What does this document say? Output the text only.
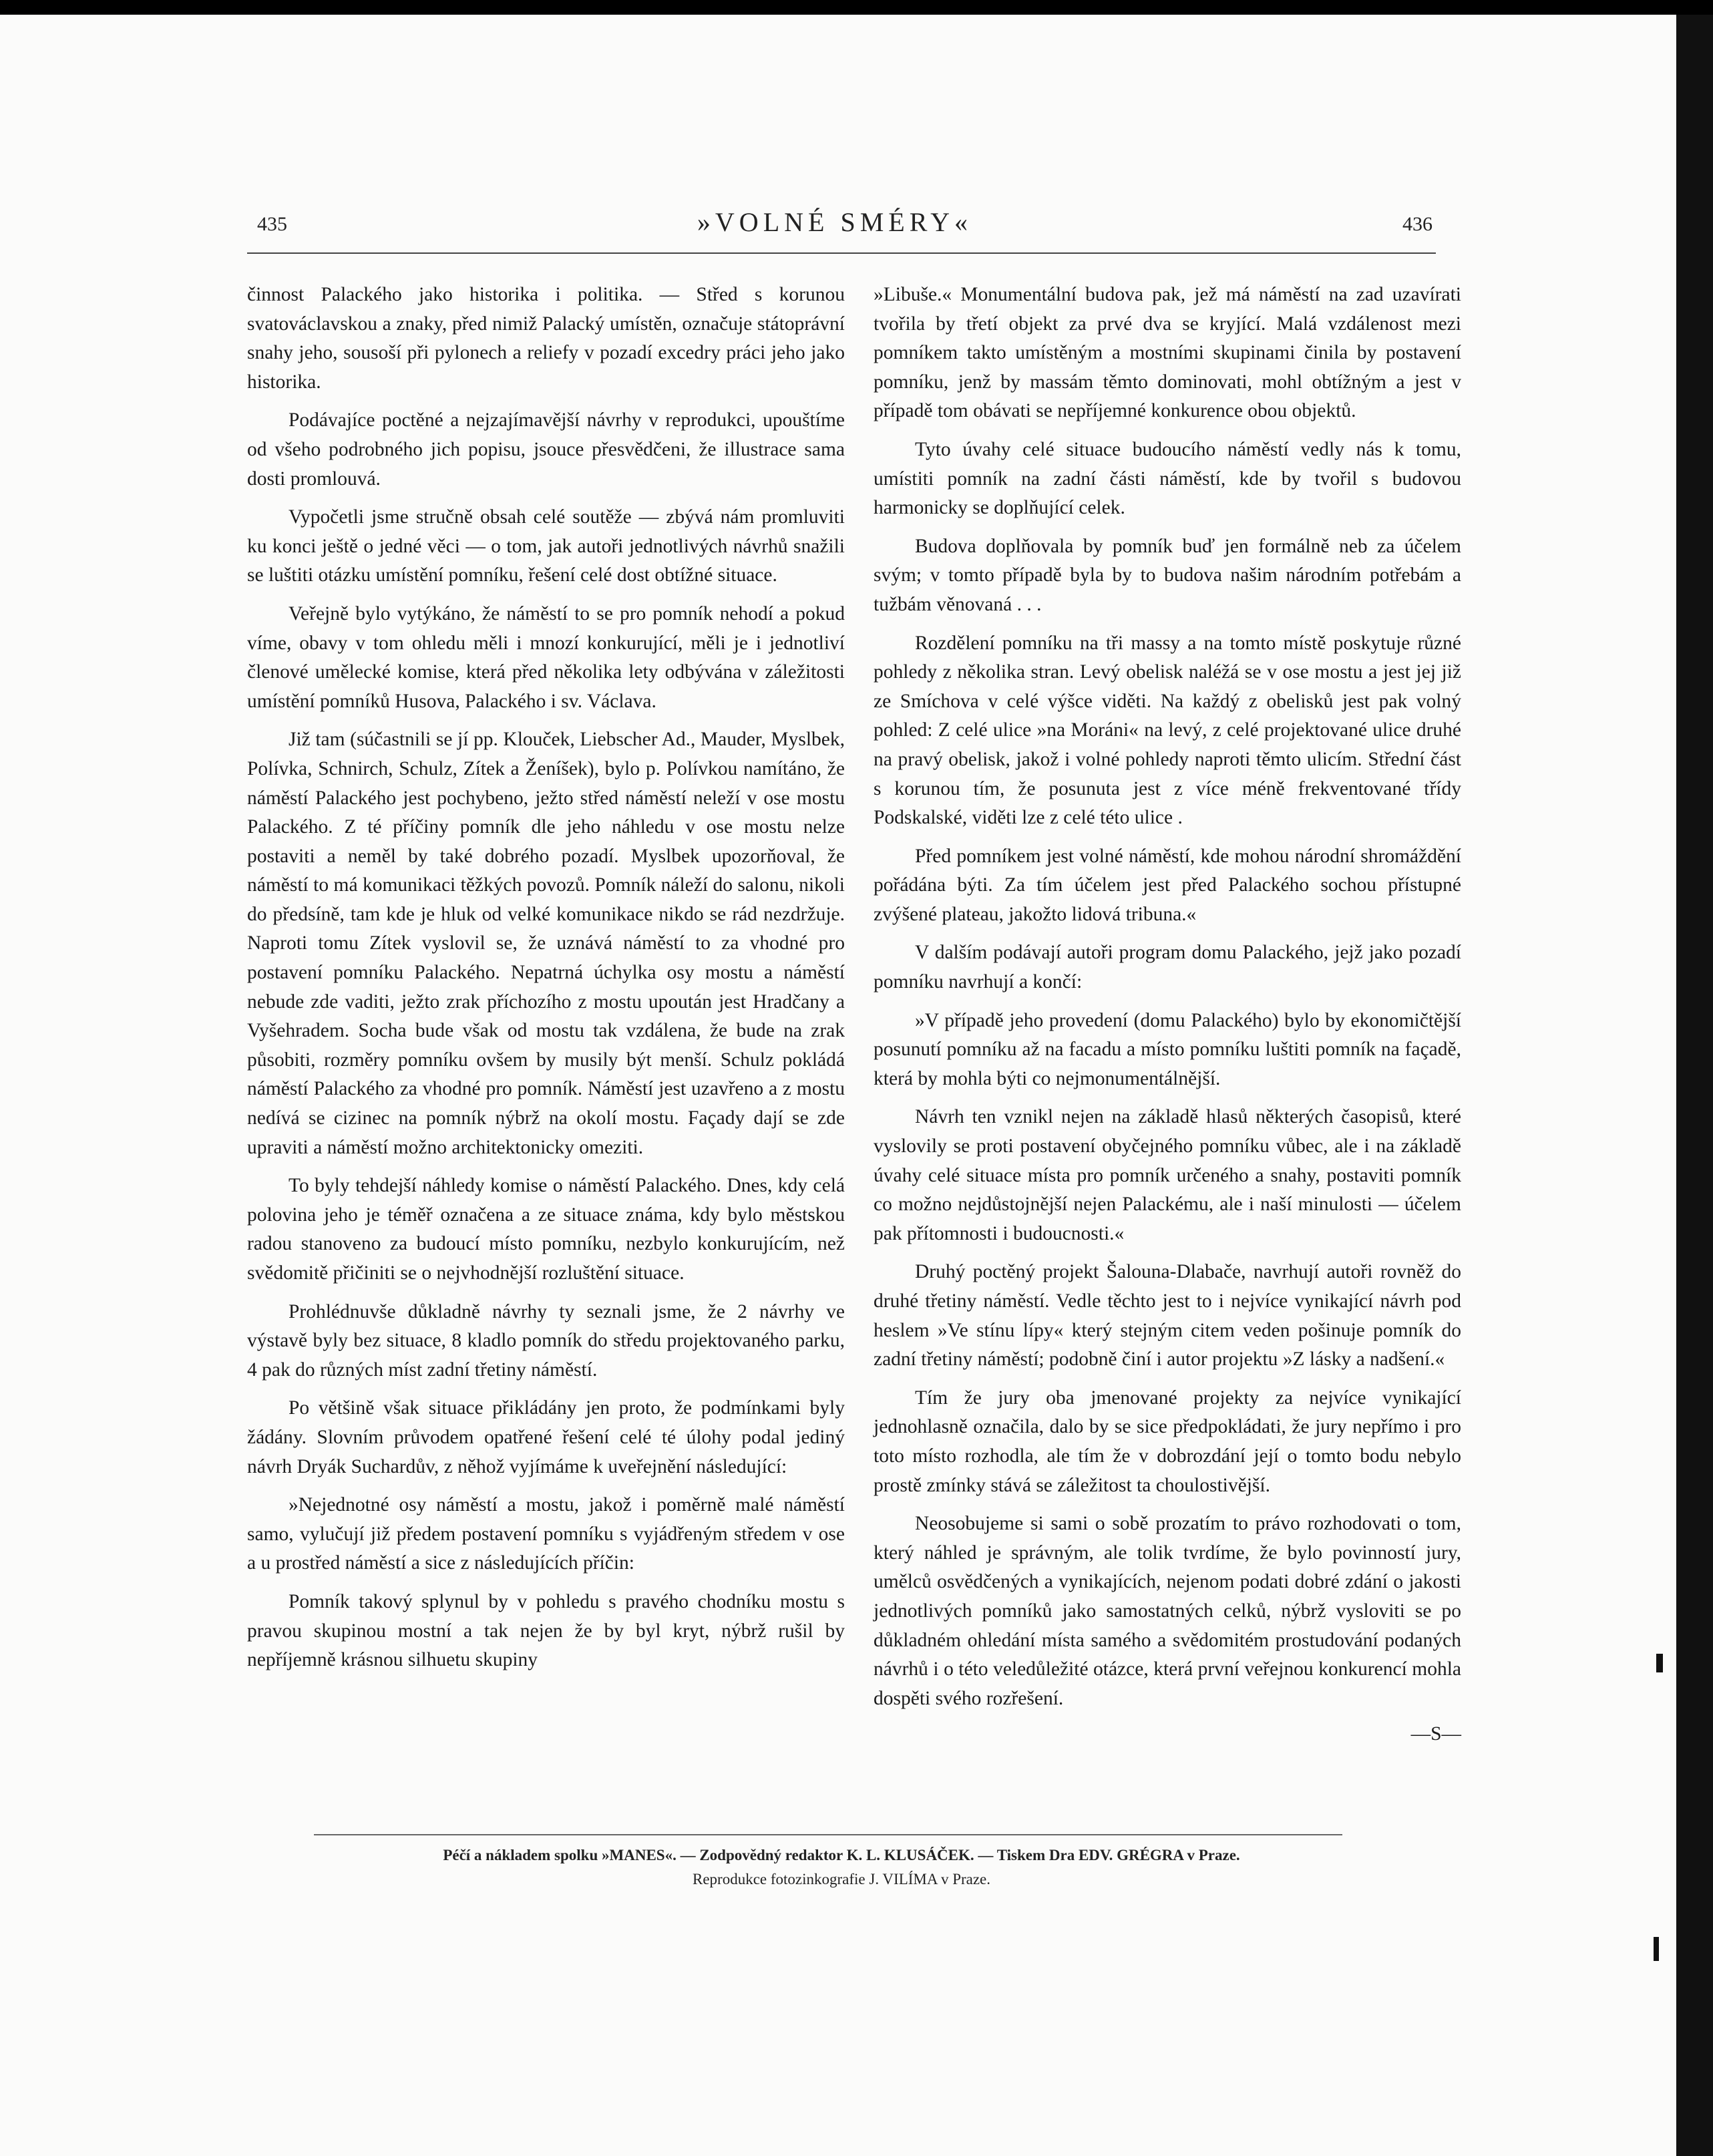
435	»VOLNÉ SMÉRY«	436

činnost Palackého jako historika i politika. — Střed s korunou svatováclavskou a znaky, před nimiž Palacký umístěn, označuje státoprávní snahy jeho, sousoší při pylonech a reliefy v pozadí excedry práci jeho jako historika.

Podávajíce poctěné a nejzajímavější návrhy v reprodukci, upouštíme od všeho podrobného jich popisu, jsouce přesvědčeni, že illustrace sama dosti promlouvá.

Vypočetli jsme stručně obsah celé soutěže — zbývá nám promluviti ku konci ještě o jedné věci — o tom, jak autoři jednotlivých návrhů snažili se luštiti otázku umístění pomníku, řešení celé dost obtížné situace.

Veřejně bylo vytýkáno, že náměstí to se pro pomník nehodí a pokud víme, obavy v tom ohledu měli i mnozí konkurující, měli je i jednotliví členové umělecké komise, která před několika lety odbývána v záležitosti umístění pomníků Husova, Palackého i sv. Václava.

Již tam (súčastnili se jí pp. Klouček, Liebscher Ad., Mauder, Myslbek, Polívka, Schnirch, Schulz, Zítek a Ženíšek), bylo p. Polívkou namítáno, že náměstí Palackého jest pochybeno, ježto střed náměstí neleží v ose mostu Palackého. Z té příčiny pomník dle jeho náhledu v ose mostu nelze postaviti a neměl by také dobrého pozadí. Myslbek upozorňoval, že náměstí to má komunikaci těžkých povozů. Pomník náleží do salonu, nikoli do předsíně, tam kde je hluk od velké komunikace nikdo se rád nezdržuje. Naproti tomu Zítek vyslovil se, že uznává náměstí to za vhodné pro postavení pomníku Palackého. Nepatrná úchylka osy mostu a náměstí nebude zde vaditi, ježto zrak příchozího z mostu upoután jest Hradčany a Vyšehradem. Socha bude však od mostu tak vzdálena, že bude na zrak působiti, rozměry pomníku ovšem by musily být menší. Schulz pokládá náměstí Palackého za vhodné pro pomník. Náměstí jest uzavřeno a z mostu nedívá se cizinec na pomník nýbrž na okolí mostu. Façady dají se zde upraviti a náměstí možno architektonicky omeziti.

To byly tehdejší náhledy komise o náměstí Palackého. Dnes, kdy celá polovina jeho je téměř označena a ze situace známa, kdy bylo městskou radou stanoveno za budoucí místo pomníku, nezbylo konkurujícím, než svědomitě přičiniti se o nejvhodnější rozluštění situace.

Prohlédnuvše důkladně návrhy ty seznali jsme, že 2 návrhy ve výstavě byly bez situace, 8 kladlo pomník do středu projektovaného parku, 4 pak do různých míst zadní třetiny náměstí.

Po většině však situace přikládány jen proto, že podmínkami byly žádány. Slovním průvodem opatřené řešení celé té úlohy podal jediný návrh Dryák Suchardův, z něhož vyjímáme k uveřejnění následující:

»Nejednotné osy náměstí a mostu, jakož i poměrně malé náměstí samo, vylučují již předem postavení pomníku s vyjádřeným středem v ose a u prostřed náměstí a sice z následujících příčin:

Pomník takový splynul by v pohledu s pravého chodníku mostu s pravou skupinou mostní a tak nejen že by byl kryt, nýbrž rušil by nepříjemně krásnou silhuetu skupiny

»Libuše.« Monumentální budova pak, jež má náměstí na zad uzavírati tvořila by třetí objekt za prvé dva se kryjící. Malá vzdálenost mezi pomníkem takto umístěným a mostními skupinami činila by postavení pomníku, jenž by massám těmto dominovati, mohl obtížným a jest v případě tom obávati se nepříjemné konkurence obou objektů.

Tyto úvahy celé situace budoucího náměstí vedly nás k tomu, umístiti pomník na zadní části náměstí, kde by tvořil s budovou harmonicky se doplňující celek.

Budova doplňovala by pomník buď jen formálně neb za účelem svým; v tomto případě byla by to budova našim národním potřebám a tužbám věnovaná . . .

Rozdělení pomníku na tři massy a na tomto místě poskytuje různé pohledy z několika stran. Levý obelisk naléžá se v ose mostu a jest jej již ze Smíchova v celé výšce viděti. Na každý z obelisků jest pak volný pohled: Z celé ulice »na Moráni« na levý, z celé projektované ulice druhé na pravý obelisk, jakož i volné pohledy naproti těmto ulicím. Střední část s korunou tím, že posunuta jest z více méně frekventované třídy Podskalské, viděti lze z celé této ulice .

Před pomníkem jest volné náměstí, kde mohou národní shromáždění pořádána býti. Za tím účelem jest před Palackého sochou přístupné zvýšené plateau, jakožto lidová tribuna.«

V dalším podávají autoři program domu Palackého, jejž jako pozadí pomníku navrhují a končí:

»V případě jeho provedení (domu Palackého) bylo by ekonomičtější posunutí pomníku až na facadu a místo pomníku luštiti pomník na façadě, která by mohla býti co nejmonumentálnější.

Návrh ten vznikl nejen na základě hlasů některých časopisů, které vyslovily se proti postavení obyčejného pomníku vůbec, ale i na základě úvahy celé situace místa pro pomník určeného a snahy, postaviti pomník co možno nejdůstojnější nejen Palackému, ale i naší minulosti — účelem pak přítomnosti i budoucnosti.«

Druhý poctěný projekt Šalouna-Dlabače, navrhují autoři rovněž do druhé třetiny náměstí. Vedle těchto jest to i nejvíce vynikající návrh pod heslem »Ve stínu lípy« který stejným citem veden pošinuje pomník do zadní třetiny náměstí; podobně činí i autor projektu »Z lásky a nadšení.«

Tím že jury oba jmenované projekty za nejvíce vynikající jednohlasně označila, dalo by se sice předpokládati, že jury nepřímo i pro toto místo rozhodla, ale tím že v dobrozdání její o tomto bodu nebylo prostě zmínky stává se záležitost ta choulostivější.

Neosobujeme si sami o sobě prozatím to právo rozhodovati o tom, který náhled je správným, ale tolik tvrdíme, že bylo povinností jury, umělců osvědčených a vynikajících, nejenom podati dobré zdání o jakosti jednotlivých pomníků jako samostatných celků, nýbrž vysloviti se po důkladném ohledání místa samého a svědomitém prostudování podaných návrhů i o této veledůležité otázce, která první veřejnou konkurencí mohla dospěti svého rozřešení.

—S—

Péčí a nákladem spolku »MANES«. — Zodpovědný redaktor K. L. KLUSÁČEK. — Tiskem Dra EDV. GRÉGRA v Praze.
Reprodukce fotozinkografie J. VILÍMA v Praze.
